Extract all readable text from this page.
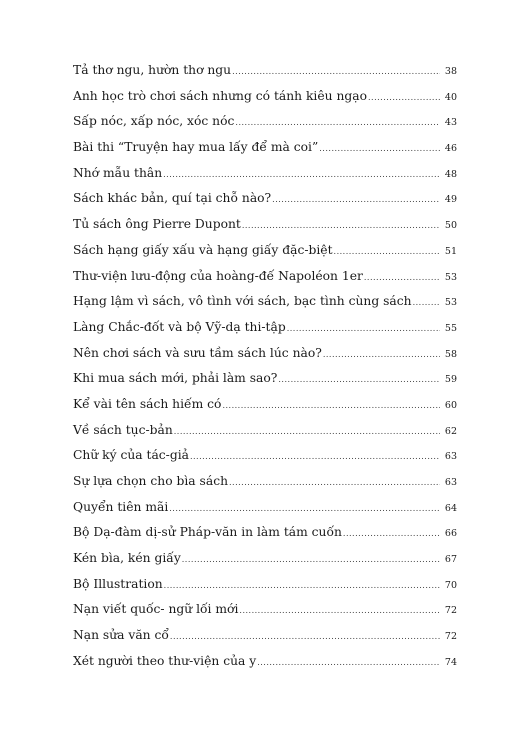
Tả thơ ngu, hườn thơ ngu .....	38
Anh học trò chơi sách nhưng có tánh kiêu ngạo .....	40
Sấp nóc, xấp nóc, xóc nóc .....	43
Bài thi “Truyện hay mua lấy để mà coi” .....	46
Nhớ mẫu thân .....	48
Sách khác bản, quí tại chỗ nào? .....	49
Tủ sách ông Pierre Dupont .....	50
Sách hạng giấy xấu và hạng giấy đặc-biệt .....	51
Thư-viện lưu-động của hoàng-đế Napoléon 1er .....	53
Hạng lậm vì sách, vô tình với sách, bạc tình cùng sách .....	53
Làng Chắc-đốt và bộ Vỹ-dạ thi-tập .....	55
Nên chơi sách và sưu tầm sách lúc nào? .....	58
Khi mua sách mới, phải làm sao? .....	59
Kể vài tên sách hiếm có .....	60
Về sách tục-bản .....	62
Chữ ký của tác-giả .....	63
Sự lựa chọn cho bìa sách .....	63
Quyển tiên mãi .....	64
Bộ Dạ-đàm dị-sử Pháp-văn in làm tám cuốn .....	66
Kén bìa, kén giấy .....	67
Bộ Illustration .....	70
Nạn viết quốc- ngữ lối mới .....	72
Nạn sửa văn cổ .....	72
Xét người theo thư-viện của y .....	74
